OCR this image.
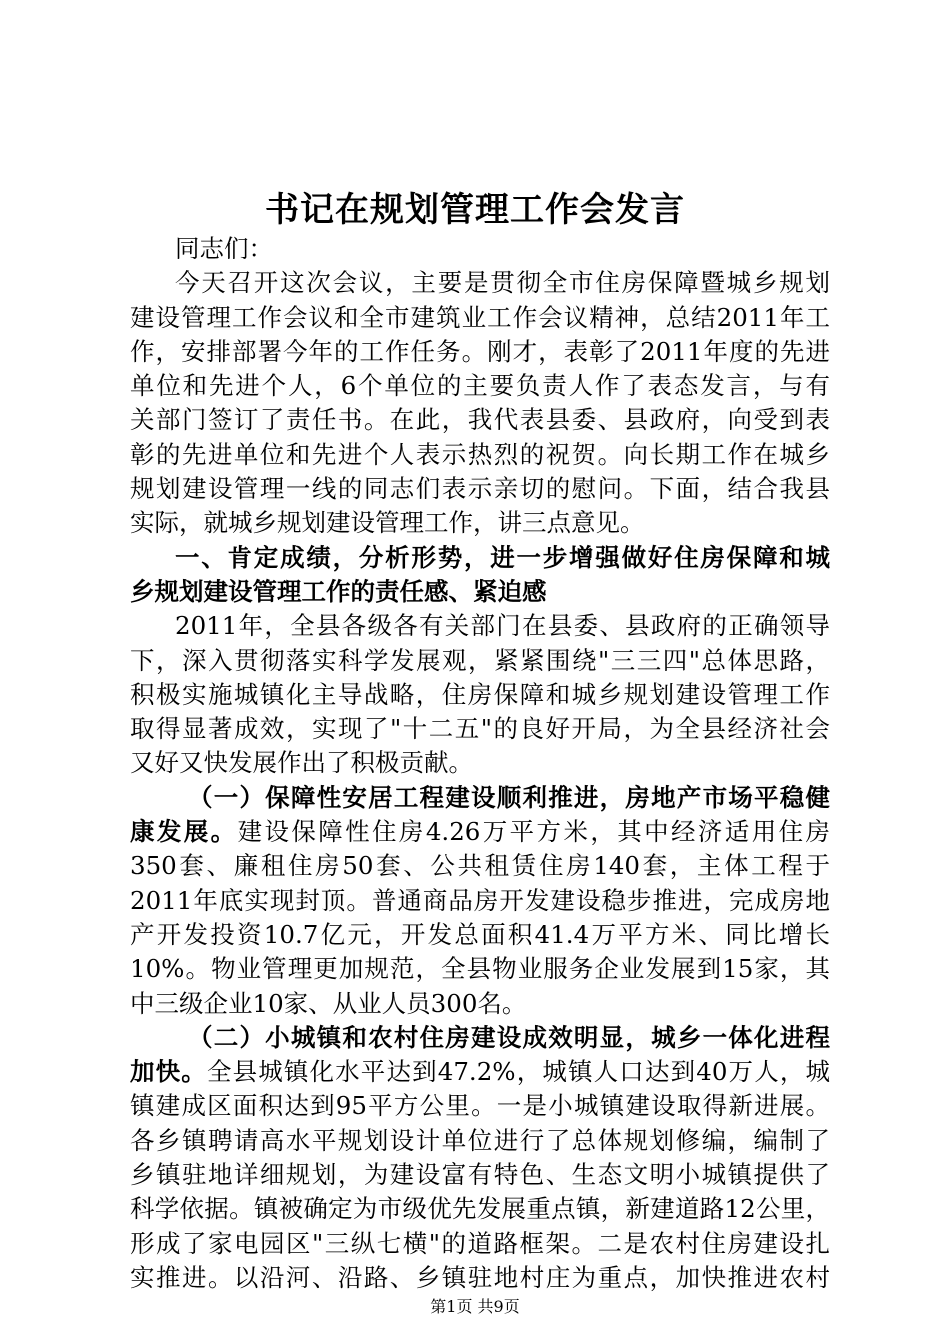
书记在规划管理工作会发言
同志们：
今天召开这次会议，主要是贯彻全市住房保障暨城乡规划
建设管理工作会议和全市建筑业工作会议精神，总结2011年工
作，安排部署今年的工作任务。刚才，表彰了2011年度的先进
单位和先进个人，6个单位的主要负责人作了表态发言，与有
关部门签订了责任书。在此，我代表县委、县政府，向受到表
彰的先进单位和先进个人表示热烈的祝贺。向长期工作在城乡
规划建设管理一线的同志们表示亲切的慰问。下面，结合我县
实际，就城乡规划建设管理工作，讲三点意见。
一、肯定成绩，分析形势，进一步增强做好住房保障和城
乡规划建设管理工作的责任感、紧迫感
2011年，全县各级各有关部门在县委、县政府的正确领导
下，深入贯彻落实科学发展观，紧紧围绕"三三四"总体思路，
积极实施城镇化主导战略，住房保障和城乡规划建设管理工作
取得显著成效，实现了"十二五"的良好开局，为全县经济社会
又好又快发展作出了积极贡献。
（一）保障性安居工程建设顺利推进，房地产市场平稳健
康发展。建设保障性住房4.26万平方米，其中经济适用住房
350套、廉租住房50套、公共租赁住房140套，主体工程于
2011年底实现封顶。普通商品房开发建设稳步推进，完成房地
产开发投资10.7亿元，开发总面积41.4万平方米、同比增长
10%。物业管理更加规范，全县物业服务企业发展到15家，其
中三级企业10家、从业人员300名。
（二）小城镇和农村住房建设成效明显，城乡一体化进程
加快。全县城镇化水平达到47.2%，城镇人口达到40万人，城
镇建成区面积达到95平方公里。一是小城镇建设取得新进展。
各乡镇聘请高水平规划设计单位进行了总体规划修编，编制了
乡镇驻地详细规划，为建设富有特色、生态文明小城镇提供了
科学依据。镇被确定为市级优先发展重点镇，新建道路12公里，
形成了家电园区"三纵七横"的道路框架。二是农村住房建设扎
实推进。以沿河、沿路、乡镇驻地村庄为重点，加快推进农村
第1页 共9页
